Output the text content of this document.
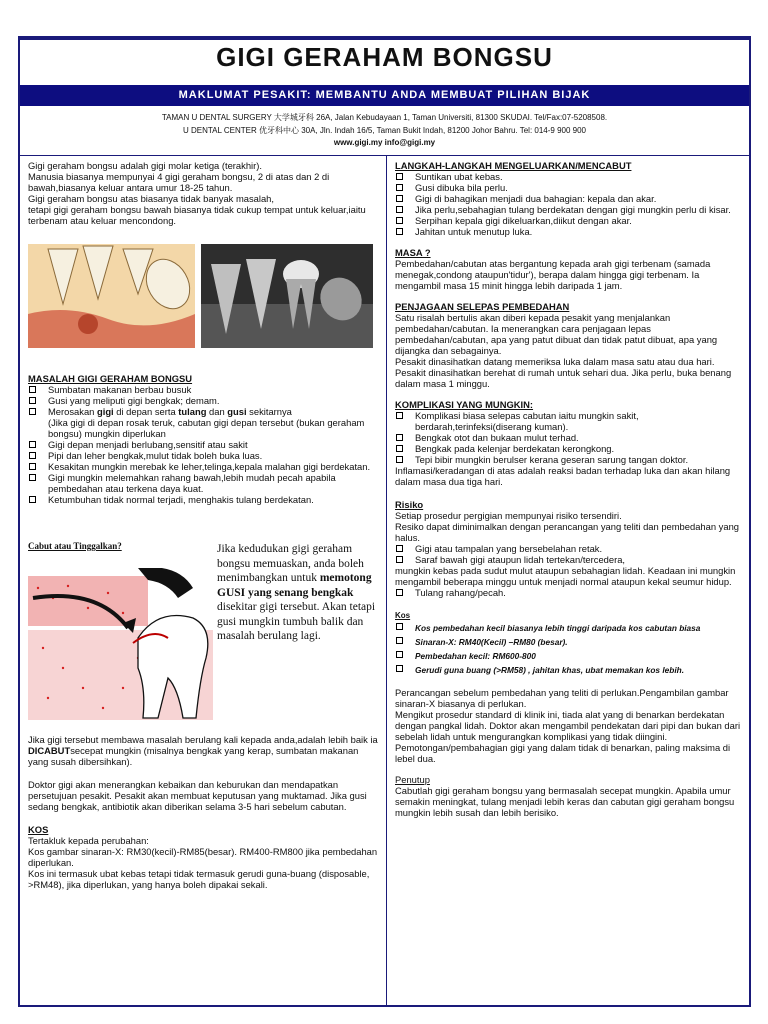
GIGI GERAHAM BONGSU
MAKLUMAT PESAKIT: MEMBANTU ANDA MEMBUAT PILIHAN BIJAK
TAMAN U DENTAL SURGERY 大学城牙科 26A, Jalan Kebudayaan 1, Taman Universiti, 81300 SKUDAI. Tel/Fax:07-5208508.
U DENTAL CENTER 优牙科中心 30A, Jln. Indah 16/5, Taman Bukit Indah, 81200 Johor Bahru. Tel: 014-9 900 900
www.gigi.my info@gigi.my

Gigi geraham bongsu adalah gigi molar ketiga (terakhir).

Manusia biasanya mempunyai 4 gigi geraham bongsu, 2 di atas dan 2 di bawah,biasanya keluar antara umur 18-25 tahun.

Gigi geraham bongsu atas biasanya tidak banyak masalah,

tetapi gigi geraham bongsu bawah biasanya tidak cukup tempat untuk keluar,iaitu terbenam atau keluar mencondong.

MASALAH GIGI GERAHAM BONGSU

Sumbatan makanan berbau busuk
Gusi yang meliputi gigi bengkak; demam.
Merosakan gigi di depan serta tulang dan gusi sekitarnya
(Jika gigi di depan rosak teruk, cabutan gigi depan tersebut (bukan geraham bongsu) mungkin diperlukan
Gigi depan menjadi berlubang,sensitif atau sakit
Pipi dan leher bengkak,mulut tidak boleh buka luas.
Kesakitan mungkin merebak ke leher,telinga,kepala malahan gigi berdekatan.
Gigi mungkin melemahkan rahang bawah,lebih mudah pecah apabila pembedahan atau terkena daya kuat.
Ketumbuhan tidak normal terjadi, menghakis tulang berdekatan.
Cabut atau Tinggalkan?	Jika kedudukan gigi geraham bongsu memuaskan, anda boleh menimbangkan untuk memotong GUSI yang senang bengkak disekitar gigi tersebut. Akan tetapi gusi mungkin tumbuh balik dan masalah berulang lagi.

Jika gigi tersebut membawa masalah berulang kali kepada anda,adalah lebih baik ia DICABUTsecepat mungkin (misalnya bengkak yang kerap, sumbatan makanan yang susah dibersihkan).

Doktor gigi akan menerangkan kebaikan dan keburukan dan mendapatkan persetujuan pesakit. Pesakit akan membuat keputusan yang muktamad. Jika gusi sedang bengkak, antibiotik akan diberikan selama 3-5 hari sebelum cabutan.

KOS

Tertakluk kepada perubahan:

Kos gambar sinaran-X: RM30(kecil)-RM85(besar). RM400-RM800 jika pembedahan diperlukan.

Kos ini termasuk ubat kebas tetapi tidak termasuk gerudi guna-buang (disposable, >RM48), jika diperlukan, yang hanya boleh dipakai sekali.

LANGKAH-LANGKAH MENGELUARKAN/MENCABUT

Suntikan ubat kebas.
Gusi dibuka bila perlu.
Gigi di bahagikan menjadi dua bahagian: kepala dan akar.
Jika perlu,sebahagian tulang berdekatan dengan gigi mungkin perlu di kisar.
Serpihan kepala gigi dikeluarkan,diikut dengan akar.
Jahitan untuk menutup luka.

MASA ?

Pembedahan/cabutan atas bergantung kepada arah gigi terbenam (samada menegak,condong ataupun'tidur'), berapa dalam hingga gigi terbenam. Ia mengambil masa 15 minit hingga lebih daripada 1 jam.

PENJAGAAN SELEPAS PEMBEDAHAN

Satu risalah bertulis akan diberi kepada pesakit yang menjalankan pembedahan/cabutan. Ia menerangkan cara penjagaan lepas pembedahan/cabutan, apa yang patut dibuat dan tidak patut dibuat, apa yang dijangka dan sebagainya.

Pesakit dinasihatkan datang memeriksa luka dalam masa satu atau dua hari. Pesakit dinasihatkan berehat di rumah untuk sehari dua. Jika perlu, buka benang dalam masa 1 minggu.

KOMPLIKASI YANG MUNGKIN:

Komplikasi biasa selepas cabutan iaitu mungkin sakit, berdarah,terinfeksi(diserang kuman).
Bengkak otot dan bukaan mulut terhad.
Bengkak pada kelenjar berdekatan kerongkong.
Tepi bibir mungkin berulser kerana geseran sarung tangan doktor.

Inflamasi/keradangan di atas adalah reaksi badan terhadap luka dan akan hilang dalam masa dua tiga hari.

Risiko

Setiap prosedur pergigian mempunyai risiko tersendiri.

Resiko dapat diminimalkan dengan perancangan yang teliti dan pembedahan yang halus.

Gigi atau tampalan yang bersebelahan retak.
Saraf bawah gigi ataupun lidah tertekan/tercedera,

mungkin kebas pada sudut mulut ataupun sebahagian lidah. Keadaan ini mungkin mengambil beberapa minggu untuk menjadi normal ataupun kekal seumur hidup.

Tulang rahang/pecah.

Kos

Kos pembedahan kecil biasanya lebih tinggi daripada kos cabutan biasa
Sinaran-X: RM40(Kecil) –RM80 (besar).
Pembedahan kecil: RM600-800
Gerudi guna buang (>RM58) , jahitan khas, ubat memakan kos lebih.

Perancangan sebelum pembedahan yang teliti di perlukan.Pengambilan gambar sinaran-X biasanya di perlukan.

Mengikut prosedur standard di klinik ini, tiada alat yang di benarkan berdekatan dengan pangkal lidah. Doktor akan mengambil pendekatan dari pipi dan bukan dari sebelah lidah untuk mengurangkan komplikasi yang tidak diingini.

Pemotongan/pembahagian gigi yang dalam tidak di benarkan, paling maksima di lebel dua.

Penutup

Cabutlah gigi geraham bongsu yang bermasalah secepat mungkin. Apabila umur semakin meningkat, tulang menjadi lebih keras dan cabutan gigi geraham bongsu mungkin lebih susah dan lebih berisiko.
